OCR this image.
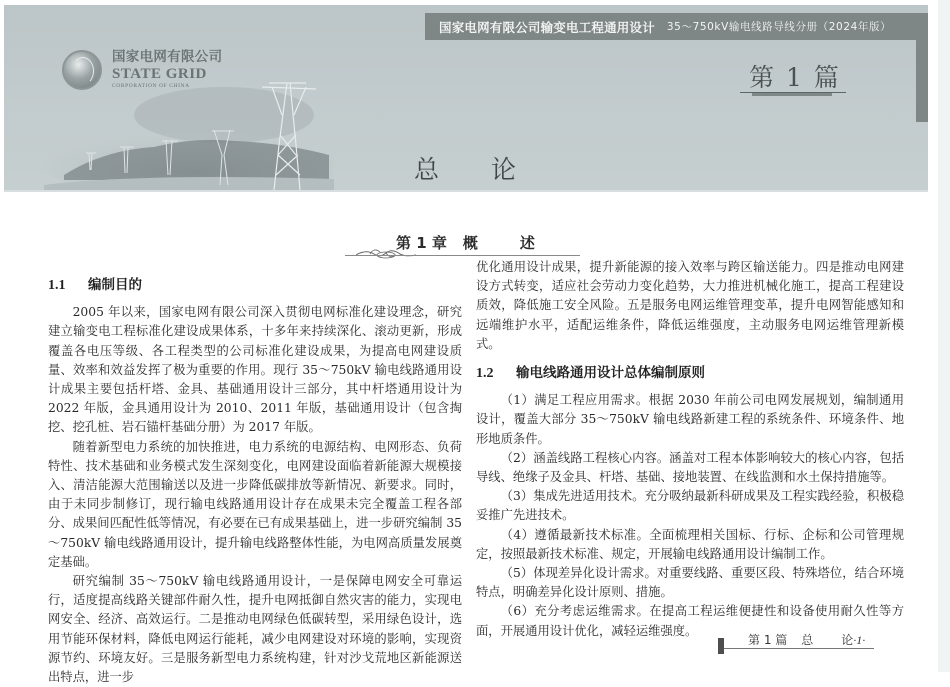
国家电网有限公司
STATE GRID
CORPORATION OF CHINA
总 论
国家电网有限公司输变电工程通用设计 35～750kV输电线路导线分册（2024年版）
第 1 篇
第 1 章 概	述
1.1 编制目的

2005 年以来，国家电网有限公司深入贯彻电网标准化建设理念，研究建立输变电工程标准化建设成果体系，十多年来持续深化、滚动更新，形成覆盖各电压等级、各工程类型的公司标准化建设成果，为提高电网建设质量、效率和效益发挥了极为重要的作用。现行 35～750kV 输电线路通用设计成果主要包括杆塔、金具、基础通用设计三部分，其中杆塔通用设计为 2022 年版，金具通用设计为 2010、2011 年版，基础通用设计（包含掏挖、挖孔桩、岩石锚杆基础分册）为 2017 年版。

随着新型电力系统的加快推进，电力系统的电源结构、电网形态、负荷特性、技术基础和业务模式发生深刻变化，电网建设面临着新能源大规模接入、清洁能源大范围输送以及进一步降低碳排放等新情况、新要求。同时，由于未同步制修订，现行输电线路通用设计存在成果未完全覆盖工程各部分、成果间匹配性低等情况，有必要在已有成果基础上，进一步研究编制 35～750kV 输电线路通用设计，提升输电线路整体性能，为电网高质量发展奠定基础。

研究编制 35～750kV 输电线路通用设计，一是保障电网安全可靠运行，适度提高线路关键部件耐久性，提升电网抵御自然灾害的能力，实现电网安全、经济、高效运行。二是推动电网绿色低碳转型，采用绿色设计，选用节能环保材料，降低电网运行能耗，减少电网建设对环境的影响，实现资源节约、环境友好。三是服务新型电力系统构建，针对沙戈荒地区新能源送出特点，进一步

优化通用设计成果，提升新能源的接入效率与跨区输送能力。四是推动电网建设方式转变，适应社会劳动力变化趋势，大力推进机械化施工，提高工程建设质效，降低施工安全风险。五是服务电网运维管理变革，提升电网智能感知和远端维护水平，适配运维条件，降低运维强度，主动服务电网运维管理新模式。

1.2 输电线路通用设计总体编制原则

（1）满足工程应用需求。根据 2030 年前公司电网发展规划，编制通用设计，覆盖大部分 35～750kV 输电线路新建工程的系统条件、环境条件、地形地质条件。

（2）涵盖线路工程核心内容。涵盖对工程本体影响较大的核心内容，包括导线、绝缘子及金具、杆塔、基础、接地装置、在线监测和水土保持措施等。

（3）集成先进适用技术。充分吸纳最新科研成果及工程实践经验，积极稳妥推广先进技术。

（4）遵循最新技术标准。全面梳理相关国标、行标、企标和公司管理规定，按照最新技术标准、规定，开展输电线路通用设计编制工作。

（5）体现差异化设计需求。对重要线路、重要区段、特殊塔位，结合环境特点，明确差异化设计原则、措施。

（6）充分考虑运维需求。在提高工程运维便捷性和设备使用耐久性等方面，开展通用设计优化，减轻运维强度。

第 1 篇 总 论·1·
